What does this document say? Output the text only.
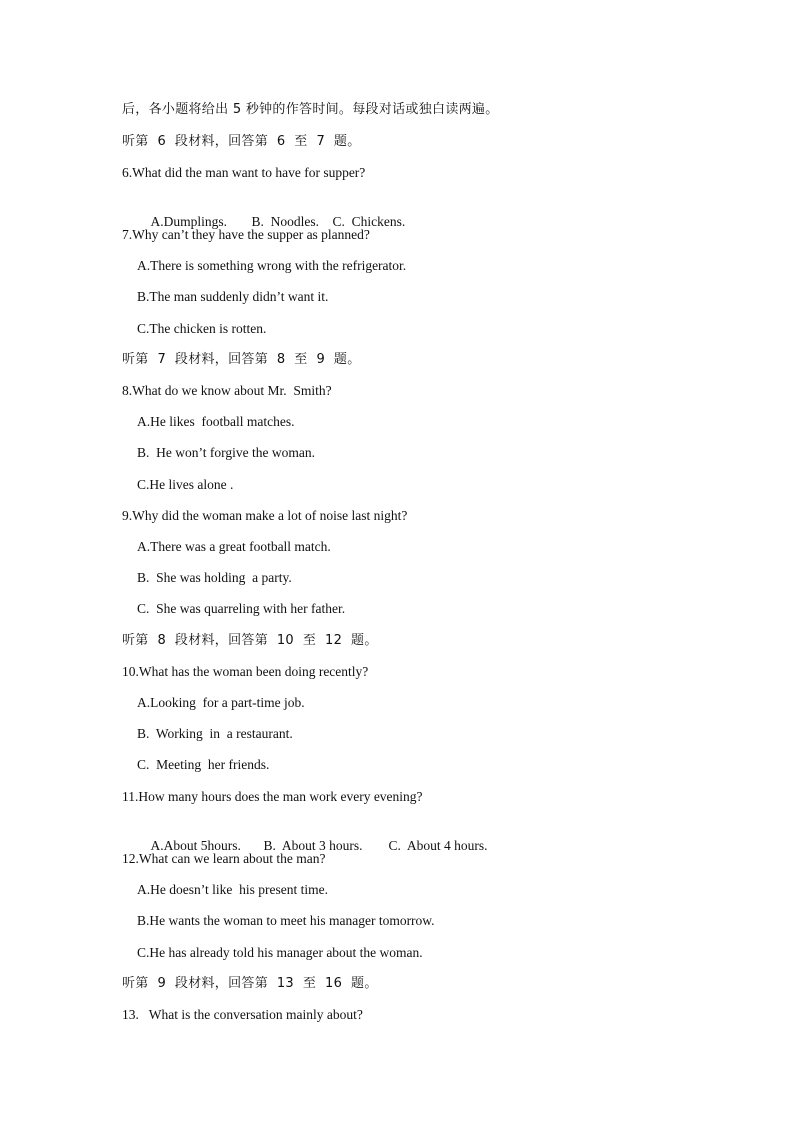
后，各小题将给出 5 秒钟的作答时间。每段对话或独白读两遍。
听第  6  段材料，回答第  6  至  7  题。
6.What did the man want to have for supper?

A.Dumplings. B.  Noodles. C.  Chickens.

7.Why can’t they have the supper as planned?
A.There is something wrong with the refrigerator.
B.The man suddenly didn’t want it.
C.The chicken is rotten.
听第  7  段材料，回答第  8  至  9  题。
8.What do we know about Mr.  Smith?
A.He likes  football matches.
B.  He won’t forgive the woman.
C.He lives alone .
9.Why did the woman make a lot of noise last night?
A.There was a great football match.
B.  She was holding  a party.
C.  She was quarreling with her father.
听第  8  段材料，回答第  10  至  12  题。
10.What has the woman been doing recently?
A.Looking  for a part-time job.
B.  Working  in  a restaurant.
C.  Meeting  her friends.
11.How many hours does the man work every evening?

A.About 5hours. B.  About 3 hours. C.  About 4 hours.

12.What can we learn about the man?
A.He doesn’t like  his present time.
B.He wants the woman to meet his manager tomorrow.
C.He has already told his manager about the woman.
听第  9  段材料，回答第  13  至  16  题。
13.   What is the conversation mainly about?
